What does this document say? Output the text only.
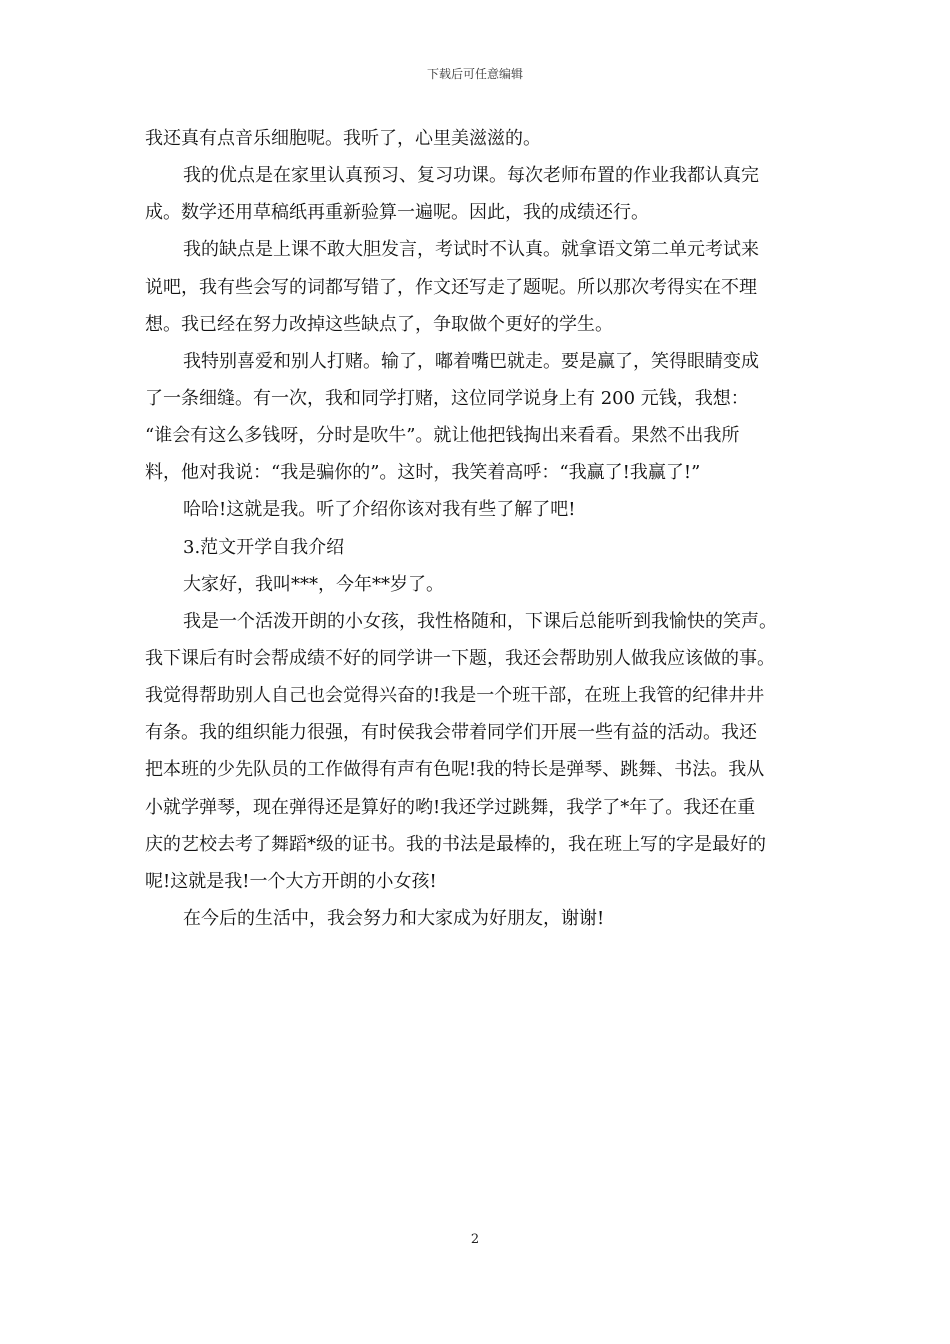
下载后可任意编辑
我还真有点音乐细胞呢。我听了，心里美滋滋的。
我的优点是在家里认真预习、复习功课。每次老师布置的作业我都认真完
成。数学还用草稿纸再重新验算一遍呢。因此，我的成绩还行。
我的缺点是上课不敢大胆发言，考试时不认真。就拿语文第二单元考试来
说吧，我有些会写的词都写错了，作文还写走了题呢。所以那次考得实在不理
想。我已经在努力改掉这些缺点了，争取做个更好的学生。
我特别喜爱和别人打赌。输了，嘟着嘴巴就走。要是赢了，笑得眼睛变成
了一条细缝。有一次，我和同学打赌，这位同学说身上有 200 元钱，我想：
“谁会有这么多钱呀，分时是吹牛”。就让他把钱掏出来看看。果然不出我所
料，他对我说：“我是骗你的”。这时，我笑着高呼：“我赢了!我赢了!”
哈哈!这就是我。听了介绍你该对我有些了解了吧!
3.范文开学自我介绍
大家好，我叫***，今年**岁了。
我是一个活泼开朗的小女孩，我性格随和，下课后总能听到我愉快的笑声。
我下课后有时会帮成绩不好的同学讲一下题，我还会帮助别人做我应该做的事。
我觉得帮助别人自己也会觉得兴奋的!我是一个班干部，在班上我管的纪律井井
有条。我的组织能力很强，有时侯我会带着同学们开展一些有益的活动。我还
把本班的少先队员的工作做得有声有色呢!我的特长是弹琴、跳舞、书法。我从
小就学弹琴，现在弹得还是算好的哟!我还学过跳舞，我学了*年了。我还在重
庆的艺校去考了舞蹈*级的证书。我的书法是最棒的，我在班上写的字是最好的
呢!这就是我!一个大方开朗的小女孩!
在今后的生活中，我会努力和大家成为好朋友，谢谢!
2
